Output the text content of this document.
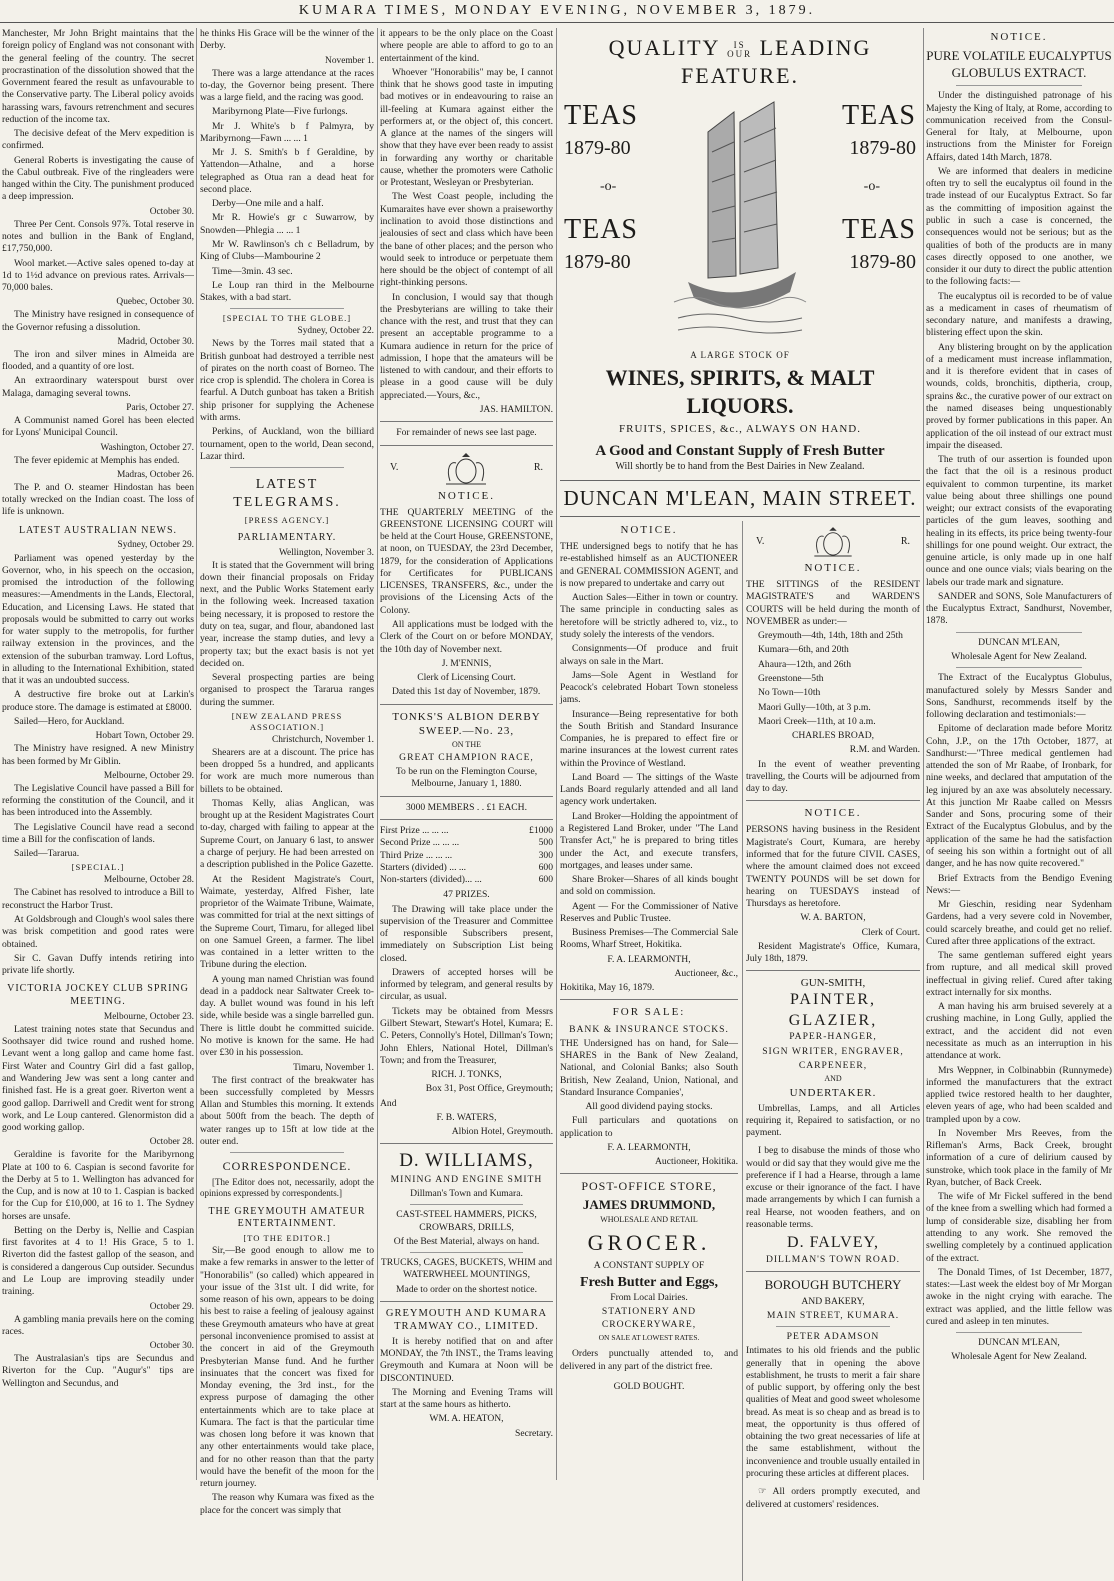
KUMARA TIMES, MONDAY EVENING, NOVEMBER 3, 1879.

Manchester, Mr John Bright maintains that the foreign policy of England was not consonant with the general feeling of the country. The secret procrastination of the dissolution showed that the Government feared the result as unfavourable to the Conservative party. The Liberal policy avoids harassing wars, favours retrenchment and secures reduction of the income tax.

The decisive defeat of the Merv expedition is confirmed.

General Roberts is investigating the cause of the Cabul outbreak. Five of the ringleaders were hanged within the City. The punishment produced a deep impression.

October 30.

Three Per Cent. Consols 97⅞. Total reserve in notes and bullion in the Bank of England, £17,750,000.

Wool market.—Active sales opened to-day at 1d to 1½d advance on previous rates. Arrivals—70,000 bales.

Quebec, October 30.

The Ministry have resigned in consequence of the Governor refusing a dissolution.

Madrid, October 30.

The iron and silver mines in Almeida are flooded, and a quantity of ore lost.

An extraordinary waterspout burst over Malaga, damaging several towns.

Paris, October 27.

A Communist named Gorel has been elected for Lyons' Municipal Council.

Washington, October 27.

The fever epidemic at Memphis has ended.

Madras, October 26.

The P. and O. steamer Hindostan has been totally wrecked on the Indian coast. The loss of life is unknown.

LATEST AUSTRALIAN NEWS.
Sydney, October 29.

Parliament was opened yesterday by the Governor, who, in his speech on the occasion, promised the introduction of the following measures:—Amendments in the Lands, Electoral, Education, and Licensing Laws. He stated that proposals would be submitted to carry out works for water supply to the metropolis, for further railway extension in the provinces, and the extension of the suburban tramway. Lord Loftus, in alluding to the International Exhibition, stated that it was an undoubted success.

A destructive fire broke out at Larkin's produce store. The damage is estimated at £8000.

Sailed—Hero, for Auckland.

Hobart Town, October 29.

The Ministry have resigned. A new Ministry has been formed by Mr Giblin.

Melbourne, October 29.

The Legislative Council have passed a Bill for reforming the constitution of the Council, and it has been introduced into the Assembly.

The Legislative Council have read a second time a Bill for the confiscation of lands.

Sailed—Tararua.

[SPECIAL.]
Melbourne, October 28.

The Cabinet has resolved to introduce a Bill to reconstruct the Harbor Trust.

At Goldsbrough and Clough's wool sales there was brisk competition and good rates were obtained.

Sir C. Gavan Duffy intends retiring into private life shortly.

VICTORIA JOCKEY CLUB SPRING MEETING.
Melbourne, October 23.

Latest training notes state that Secundus and Soothsayer did twice round and rushed home. Levant went a long gallop and came home fast. First Water and Country Girl did a fast gallop, and Wandering Jew was sent a long canter and finished fast. He is a great goer. Riverton went a good gallop. Darriwell and Credit went for strong work, and Le Loup cantered. Glenormiston did a good working gallop.

October 28.

Geraldine is favorite for the Maribyrnong Plate at 100 to 6. Caspian is second favorite for the Derby at 5 to 1. Wellington has advanced for the Cup, and is now at 10 to 1. Caspian is backed for the Cup for £10,000, at 16 to 1. The Sydney horses are unsafe.

Betting on the Derby is, Nellie and Caspian first favorites at 4 to 1! His Grace, 5 to 1. Riverton did the fastest gallop of the season, and is considered a dangerous Cup outsider. Secundus and Le Loup are improving steadily under training.

October 29.

A gambling mania prevails here on the coming races.

October 30.

The Australasian's tips are Secundus and Riverton for the Cup. "Augur's" tips are Wellington and Secundus, and

he thinks His Grace will be the winner of the Derby.

November 1.

There was a large attendance at the races to-day, the Governor being present. There was a large field, and the racing was good.

Maribyrnong Plate—Five furlongs.

Mr J. White's b f Palmyra, by Maribyrnong—Fawn ... ... 1

Mr J. S. Smith's b f Geraldine, by Yattendon—Athalne, and a horse telegraphed as Otua ran a dead heat for second place.

Derby—One mile and a half.

Mr R. Howie's gr c Suwarrow, by Snowden—Phlegia ... ... 1

Mr W. Rawlinson's ch c Belladrum, by King of Clubs—Mambourine 2

Time—3min. 43 sec.

Le Loup ran third in the Melbourne Stakes, with a bad start.

[SPECIAL TO THE GLOBE.]
Sydney, October 22.

News by the Torres mail stated that a British gunboat had destroyed a terrible nest of pirates on the north coast of Borneo. The rice crop is splendid. The cholera in Corea is fearful. A Dutch gunboat has taken a British ship prisoner for supplying the Achenese with arms.

Perkins, of Auckland, won the billiard tournament, open to the world, Dean second, Lazar third.

LATEST TELEGRAMS.
[PRESS AGENCY.]
PARLIAMENTARY.
Wellington, November 3.

It is stated that the Government will bring down their financial proposals on Friday next, and the Public Works Statement early in the following week. Increased taxation being necessary, it is proposed to restore the duty on tea, sugar, and flour, abandoned last year, increase the stamp duties, and levy a property tax; but the exact basis is not yet decided on.

Several prospecting parties are being organised to prospect the Tararua ranges during the summer.

[NEW ZEALAND PRESS ASSOCIATION.]
Christchurch, November 1.

Shearers are at a discount. The price has been dropped 5s a hundred, and applicants for work are much more numerous than billets to be obtained.

Thomas Kelly, alias Anglican, was brought up at the Resident Magistrates Court to-day, charged with failing to appear at the Supreme Court, on January 6 last, to answer a charge of perjury. He had been arrested on a description published in the Police Gazette.

At the Resident Magistrate's Court, Waimate, yesterday, Alfred Fisher, late proprietor of the Waimate Tribune, Waimate, was committed for trial at the next sittings of the Supreme Court, Timaru, for alleged libel on one Samuel Green, a farmer. The libel was contained in a letter written to the Tribune during the election.

A young man named Christian was found dead in a paddock near Saltwater Creek to-day. A bullet wound was found in his left side, while beside was a single barrelled gun. There is little doubt he committed suicide. No motive is known for the same. He had over £30 in his possession.

Timaru, November 1.

The first contract of the breakwater has been successfully completed by Messrs Allan and Stumbles this morning. It extends about 500ft from the beach. The depth of water ranges up to 15ft at low tide at the outer end.

CORRESPONDENCE.

[The Editor does not, necessarily, adopt the opinions expressed by correspondents.]

THE GREYMOUTH AMATEUR ENTERTAINMENT.
[TO THE EDITOR.]

Sir,—Be good enough to allow me to make a few remarks in answer to the letter of "Honorabilis" (so called) which appeared in your issue of the 31st ult. I did write, for some reason of his own, appears to be doing his best to raise a feeling of jealousy against these Greymouth amateurs who have at great personal inconvenience promised to assist at the concert in aid of the Greymouth Presbyterian Manse fund. And he further insinuates that the concert was fixed for Monday evening, the 3rd inst., for the express purpose of damaging the other entertainments which are to take place at Kumara. The fact is that the particular time was chosen long before it was known that any other entertainments would take place, and for no other reason than that the party would have the benefit of the moon for the return journey.

The reason why Kumara was fixed as the place for the concert was simply that

it appears to be the only place on the Coast where people are able to afford to go to an entertainment of the kind.

Whoever "Honorabilis" may be, I cannot think that he shows good taste in imputing bad motives or in endeavouring to raise an ill-feeling at Kumara against either the performers at, or the object of, this concert. A glance at the names of the singers will show that they have ever been ready to assist in forwarding any worthy or charitable cause, whether the promoters were Catholic or Protestant, Wesleyan or Presbyterian.

The West Coast people, including the Kumaraites have ever shown a praiseworthy inclination to avoid those distinctions and jealousies of sect and class which have been the bane of other places; and the person who would seek to introduce or perpetuate them here should be the object of contempt of all right-thinking persons.

In conclusion, I would say that though the Presbyterians are willing to take their chance with the rest, and trust that they can present an acceptable programme to a Kumara audience in return for the price of admission, I hope that the amateurs will be listened to with candour, and their efforts to please in a good cause will be duly appreciated.—Yours, &c.,

JAS. HAMILTON.

For remainder of news see last page.

V.	R.
NOTICE.

THE QUARTERLY MEETING of the GREENSTONE LICENSING COURT will be held at the Court House, GREENSTONE, at noon, on TUESDAY, the 23rd December, 1879, for the consideration of Applications for Certificates for PUBLICANS LICENSES, TRANSFERS, &c., under the provisions of the Licensing Acts of the Colony.

All applications must be lodged with the Clerk of the Court on or before MONDAY, the 10th day of November next.

J. M'ENNIS,

Clerk of Licensing Court.

Dated this 1st day of November, 1879.

TONKS'S ALBION DERBY SWEEP.—No. 23,

ON THE

GREAT CHAMPION RACE,

To be run on the Flemington Course, Melbourne, January 1, 1880.

3000 MEMBERS . . £1 EACH.

First Prize ... ... ...	£1000
Second Prize ... ... ...	500
Third Prize ... ... ...	300
Starters (divided) ... ...	600
Non-starters (divided)... ...	600

47 PRIZES.

The Drawing will take place under the supervision of the Treasurer and Committee of responsible Subscribers present, immediately on Subscription List being closed.

Drawers of accepted horses will be informed by telegram, and general results by circular, as usual.

Tickets may be obtained from Messrs Gilbert Stewart, Stewart's Hotel, Kumara; E. C. Peters, Connolly's Hotel, Dillman's Town; John Ehlers, National Hotel, Dillman's Town; and from the Treasurer,

RICH. J. TONKS,

Box 31, Post Office, Greymouth;

And

F. B. WATERS,

Albion Hotel, Greymouth.

D. WILLIAMS,

MINING AND ENGINE SMITH

Dillman's Town and Kumara.

CAST-STEEL HAMMERS, PICKS, CROWBARS, DRILLS,

Of the Best Material, always on hand.

TRUCKS, CAGES, BUCKETS, WHIM and WATERWHEEL MOUNTINGS,

Made to order on the shortest notice.

GREYMOUTH AND KUMARA TRAMWAY CO., LIMITED.

It is hereby notified that on and after MONDAY, the 7th INST., the Trams leaving Greymouth and Kumara at Noon will be DISCONTINUED.

The Morning and Evening Trams will start at the same hours as hitherto.

WM. A. HEATON,

Secretary.

QUALITY IS
OUR LEADING FEATURE.
TEAS
1879-80
-o-
TEAS
1879-80
TEAS
1879-80
-o-
TEAS
1879-80
A LARGE STOCK OF
WINES, SPIRITS, & MALT LIQUORS.
FRUITS, SPICES, &c., ALWAYS ON HAND.
A Good and Constant Supply of Fresh Butter
Will shortly be to hand from the Best Dairies in New Zealand.
DUNCAN M'LEAN, MAIN STREET.
NOTICE.

THE undersigned begs to notify that he has re-established himself as an AUCTIONEER and GENERAL COMMISSION AGENT, and is now prepared to undertake and carry out

Auction Sales—Either in town or country. The same principle in conducting sales as heretofore will be strictly adhered to, viz., to study solely the interests of the vendors.

Consignments—Of produce and fruit always on sale in the Mart.

Jams—Sole Agent in Westland for Peacock's celebrated Hobart Town stoneless jams.

Insurance—Being representative for both the South British and Standard Insurance Companies, he is prepared to effect fire or marine insurances at the lowest current rates within the Province of Westland.

Land Board — The sittings of the Waste Lands Board regularly attended and all land agency work undertaken.

Land Broker—Holding the appointment of a Registered Land Broker, under "The Land Transfer Act," he is prepared to bring titles under the Act, and execute transfers, mortgages, and leases under same.

Share Broker—Shares of all kinds bought and sold on commission.

Agent — For the Commissioner of Native Reserves and Public Trustee.

Business Premises—The Commercial Sale Rooms, Wharf Street, Hokitika.

F. A. LEARMONTH,

Auctioneer, &c.,

Hokitika, May 16, 1879.

FOR SALE:

BANK & INSURANCE STOCKS.

THE Undersigned has on hand, for Sale—SHARES in the Bank of New Zealand, National, and Colonial Banks; also South British, New Zealand, Union, National, and Standard Insurance Companies',

All good dividend paying stocks.

Full particulars and quotations on application to

F. A. LEARMONTH,

Auctioneer, Hokitika.

POST-OFFICE STORE,

JAMES DRUMMOND,

WHOLESALE AND RETAIL

GROCER.

A CONSTANT SUPPLY OF

Fresh Butter and Eggs,

From Local Dairies.

STATIONERY AND CROCKERYWARE,

ON SALE AT LOWEST RATES.

Orders punctually attended to, and delivered in any part of the district free.

GOLD BOUGHT.

V.	R.
NOTICE.

THE SITTINGS of the RESIDENT MAGISTRATE'S and WARDEN'S COURTS will be held during the month of NOVEMBER as under:—

Greymouth—4th, 14th, 18th and 25th

Kumara—6th, and 20th

Ahaura—12th, and 26th

Greenstone—5th

No Town—10th

Maori Gully—10th, at 3 p.m.

Maori Creek—11th, at 10 a.m.

CHARLES BROAD,

R.M. and Warden.

In the event of weather preventing travelling, the Courts will be adjourned from day to day.

NOTICE.

PERSONS having business in the Resident Magistrate's Court, Kumara, are hereby informed that for the future CIVIL CASES, where the amount claimed does not exceed TWENTY POUNDS will be set down for hearing on TUESDAYS instead of Thursdays as heretofore.

W. A. BARTON,

Clerk of Court.

Resident Magistrate's Office, Kumara, July 18th, 1879.

GUN-SMITH,
PAINTER, GLAZIER,

PAPER-HANGER,

SIGN WRITER, ENGRAVER,

CARPENEER,

AND

UNDERTAKER.

Umbrellas, Lamps, and all Articles requiring it, Repaired to satisfaction, or no payment.

I beg to disabuse the minds of those who would or did say that they would give me the preference if I had a Hearse, through a lame excuse or their ignorance of the fact. I have made arrangements by which I can furnish a real Hearse, not wooden feathers, and on reasonable terms.

D. FALVEY,

DILLMAN'S TOWN ROAD.

BOROUGH BUTCHERY

AND BAKERY,

MAIN STREET, KUMARA.

PETER ADAMSON

Intimates to his old friends and the public generally that in opening the above establishment, he trusts to merit a fair share of public support, by offering only the best qualities of Meat and good sweet wholesome bread. As meat is so cheap and as bread is to meat, the opportunity is thus offered of obtaining the two great necessaries of life at the same establishment, without the inconvenience and trouble usually entailed in procuring these articles at different places.

☞ All orders promptly executed, and delivered at customers' residences.

NOTICE.
PURE VOLATILE EUCALYPTUS GLOBULUS EXTRACT.

Under the distinguished patronage of his Majesty the King of Italy, at Rome, according to communication received from the Consul-General for Italy, at Melbourne, upon instructions from the Minister for Foreign Affairs, dated 14th March, 1878.

We are informed that dealers in medicine often try to sell the eucalyptus oil found in the trade instead of our Eucalyptus Extract. So far as the committing of imposition against the public in such a case is concerned, the consequences would not be serious; but as the qualities of both of the products are in many cases directly opposed to one another, we consider it our duty to direct the public attention to the following facts:—

The eucalyptus oil is recorded to be of value as a medicament in cases of rheumatism of secondary nature, and manifests a drawing, blistering effect upon the skin.

Any blistering brought on by the application of a medicament must increase inflammation, and it is therefore evident that in cases of wounds, colds, bronchitis, diptheria, croup, sprains &c., the curative power of our extract on the named diseases being unquestionably proved by former publications in this paper. An application of the oil instead of our extract must impair the diseased.

The truth of our assertion is founded upon the fact that the oil is a resinous product equivalent to common turpentine, its market value being about three shillings one pound weight; our extract consists of the evaporating particles of the gum leaves, soothing and healing in its effects, its price being twenty-four shillings for one pound weight. Our extract, the genuine article, is only made up in one half ounce and one ounce vials; vials bearing on the labels our trade mark and signature.

SANDER and SONS, Sole Manufacturers of the Eucalyptus Extract, Sandhurst, November, 1878.

DUNCAN M'LEAN,

Wholesale Agent for New Zealand.

The Extract of the Eucalyptus Globulus, manufactured solely by Messrs Sander and Sons, Sandhurst, recommends itself by the following declaration and testimonials:—

Epitome of declaration made before Moritz Cohn, J.P., on the 17th October, 1877, at Sandhurst:—"Three medical gentlemen had attended the son of Mr Raabe, of Ironbark, for nine weeks, and declared that amputation of the leg injured by an axe was absolutely necessary. At this junction Mr Raabe called on Messrs Sander and Sons, procuring some of their Extract of the Eucalyptus Globulus, and by the application of the same he had the satisfaction of seeing his son within a fortnight out of all danger, and he has now quite recovered."

Brief Extracts from the Bendigo Evening News:—

Mr Gieschin, residing near Sydenham Gardens, had a very severe cold in November, could scarcely breathe, and could get no relief. Cured after three applications of the extract.

The same gentleman suffered eight years from rupture, and all medical skill proved ineffectual in giving relief. Cured after taking extract internally for six months.

A man having his arm bruised severely at a crushing machine, in Long Gully, applied the extract, and the accident did not even necessitate as much as an interruption in his attendance at work.

Mrs Weppner, in Colbinabbin (Runnymede) informed the manufacturers that the extract applied twice restored health to her daughter, eleven years of age, who had been scalded and trampled upon by a cow.

In November Mrs Reeves, from the Rifleman's Arms, Back Creek, brought information of a cure of delirium caused by sunstroke, which took place in the family of Mr Ryan, butcher, of Back Creek.

The wife of Mr Fickel suffered in the bend of the knee from a swelling which had formed a lump of considerable size, disabling her from attending to any work. She removed the swelling completely by a continued application of the extract.

The Donald Times, of 1st December, 1877, states:—Last week the eldest boy of Mr Morgan awoke in the night crying with earache. The extract was applied, and the little fellow was cured and asleep in ten minutes.

DUNCAN M'LEAN,

Wholesale Agent for New Zealand.
